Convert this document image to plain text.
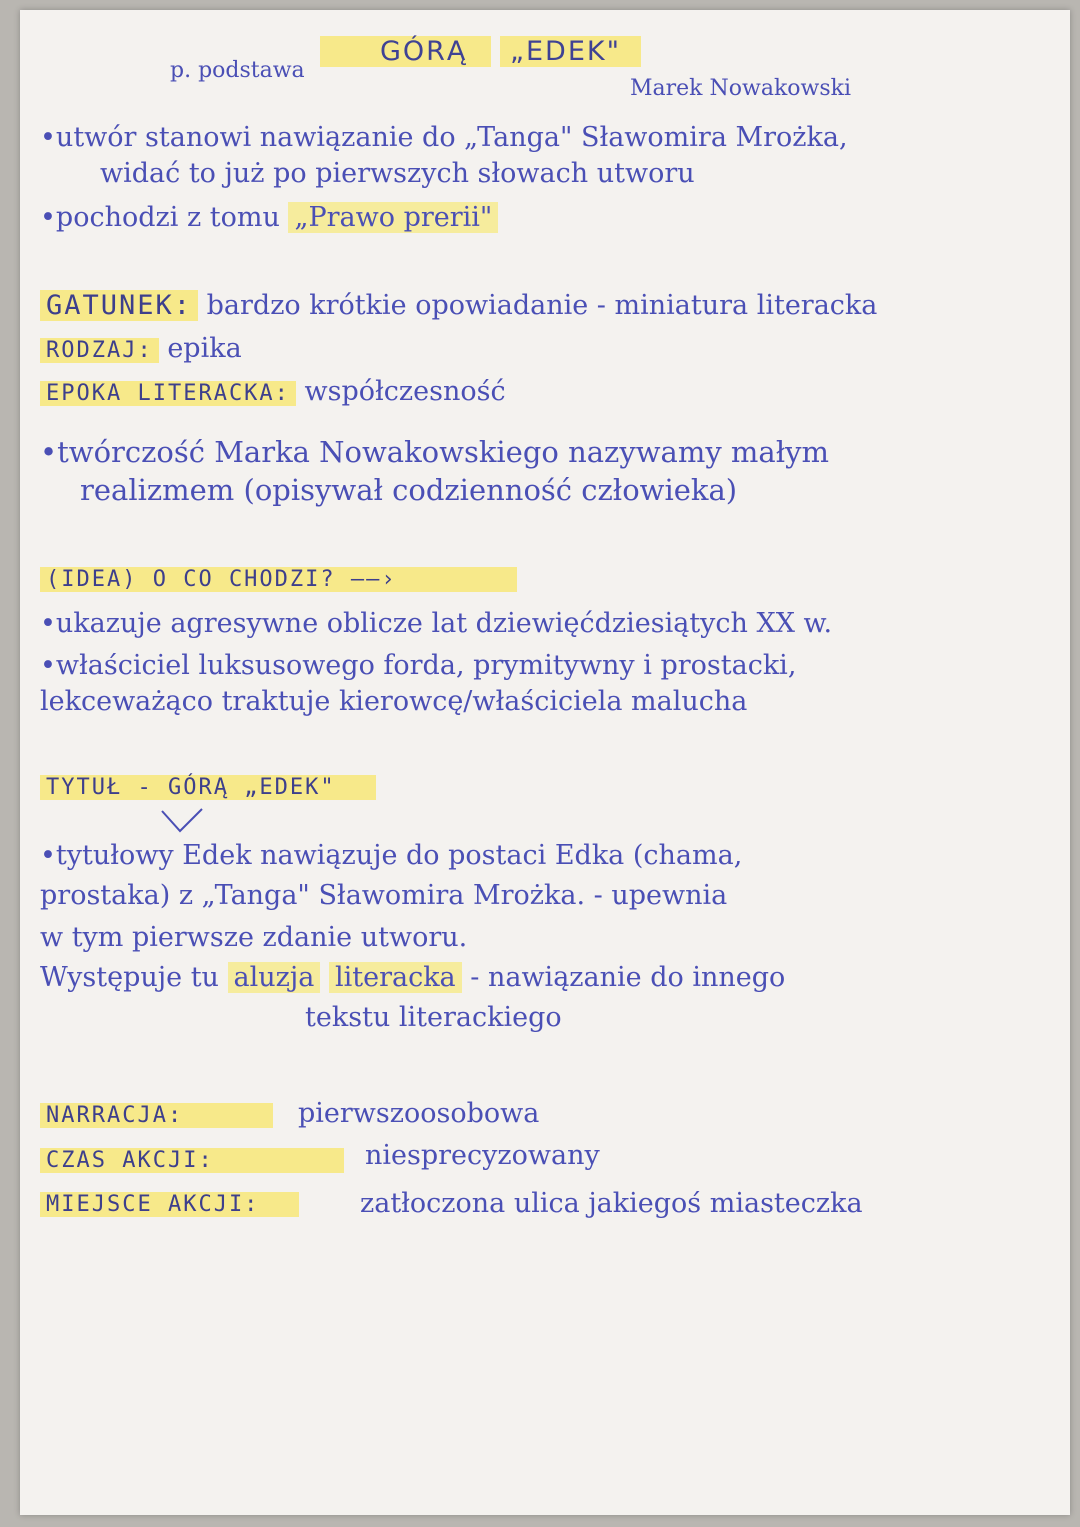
p. podstawa
GÓRĄ „EDEK"
Marek Nowakowski
•utwór stanowi nawiązanie do „Tanga" Sławomira Mrożka,
widać to już po pierwszych słowach utworu
•pochodzi z tomu „Prawo prerii"
GATUNEK: bardzo krótkie opowiadanie - miniatura literacka
RODZAJ: epika
EPOKA LITERACKA: współczesność
•twórczość Marka Nowakowskiego nazywamy małym
realizmem (opisywał codzienność człowieka)
(IDEA) O CO CHODZI? ——›
•ukazuje agresywne oblicze lat dziewięćdziesiątych XX w.
•właściciel luksusowego forda, prymitywny i prostacki,
lekceważąco traktuje kierowcę/właściciela malucha
TYTUŁ - GÓRĄ „EDEK"
•tytułowy Edek nawiązuje do postaci Edka (chama,
prostaka) z „Tanga" Sławomira Mrożka. - upewnia
w tym pierwsze zdanie utworu.
Występuje tu aluzja literacka - nawiązanie do innego
tekstu literackiego
NARRACJA:	pierwszoosobowa
CZAS AKCJI:	niesprecyzowany
MIEJSCE AKCJI:	zatłoczona ulica jakiegoś miasteczka
